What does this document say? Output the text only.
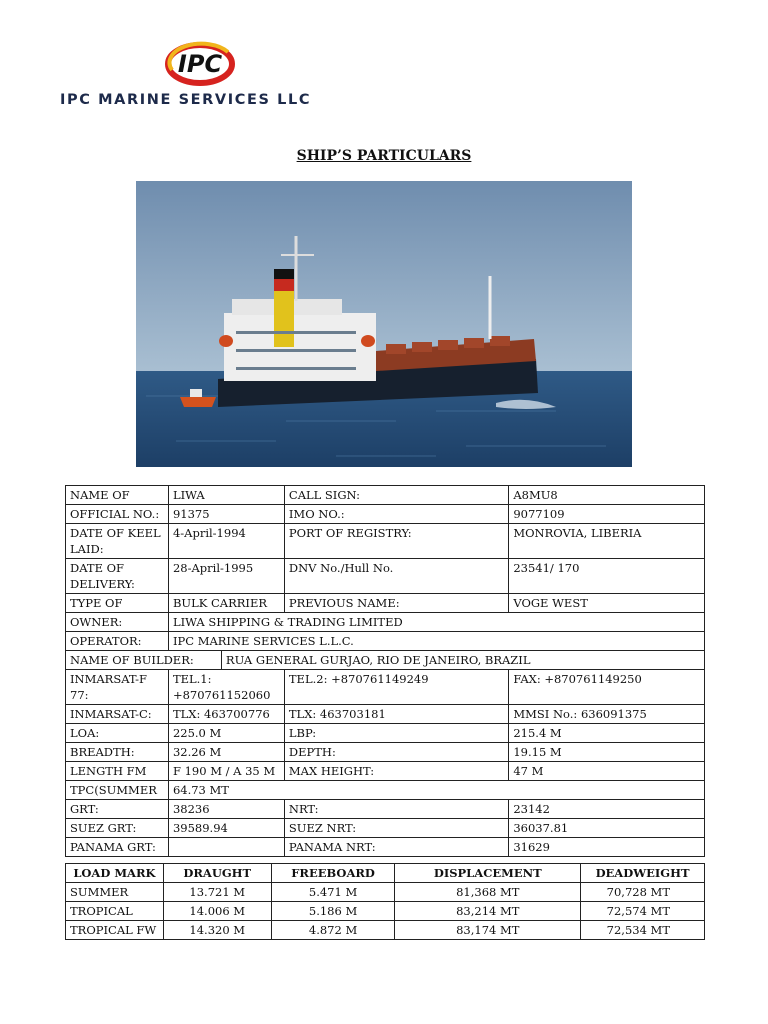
IPC
IPC MARINE SERVICES LLC
SHIP’S PARTICULARS
NAME OF	LIWA		CALL SIGN:	A8MU8
OFFICIAL NO.:	91375		IMO NO.:	9077109
DATE OF KEEL LAID:	4-April-1994		PORT OF REGISTRY:	MONROVIA, LIBERIA
DATE OF DELIVERY:	28-April-1995		DNV No./Hull No.	23541/ 170
TYPE OF	BULK CARRIER		PREVIOUS NAME:	VOGE WEST
OWNER:	LIWA SHIPPING & TRADING LIMITED			
OPERATOR:	IPC MARINE SERVICES L.L.C.			
NAME OF BUILDER:		RUA GENERAL GURJAO, RIO DE JANEIRO, BRAZIL		
INMARSAT-F 77:	TEL.1: +870761152060		TEL.2: +870761149249	FAX: +870761149250
INMARSAT-C:	TLX: 463700776		TLX: 463703181	MMSI No.: 636091375
LOA:	225.0 M		LBP:	215.4 M
BREADTH:	32.26 M		DEPTH:	19.15 M
LENGTH FM	F 190 M / A 35 M		MAX HEIGHT:	47 M
TPC(SUMMER	64.73 MT			
GRT:	38236		NRT:	23142
SUEZ GRT:	39589.94		SUEZ NRT:	36037.81
PANAMA GRT:			PANAMA NRT:	31629
LOAD MARK	DRAUGHT	FREEBOARD	DISPLACEMENT	DEADWEIGHT
SUMMER	13.721 M	5.471 M	81,368 MT	70,728 MT
TROPICAL	14.006 M	5.186 M	83,214 MT	72,574 MT
TROPICAL FW	14.320 M	4.872 M	83,174 MT	72,534 MT
